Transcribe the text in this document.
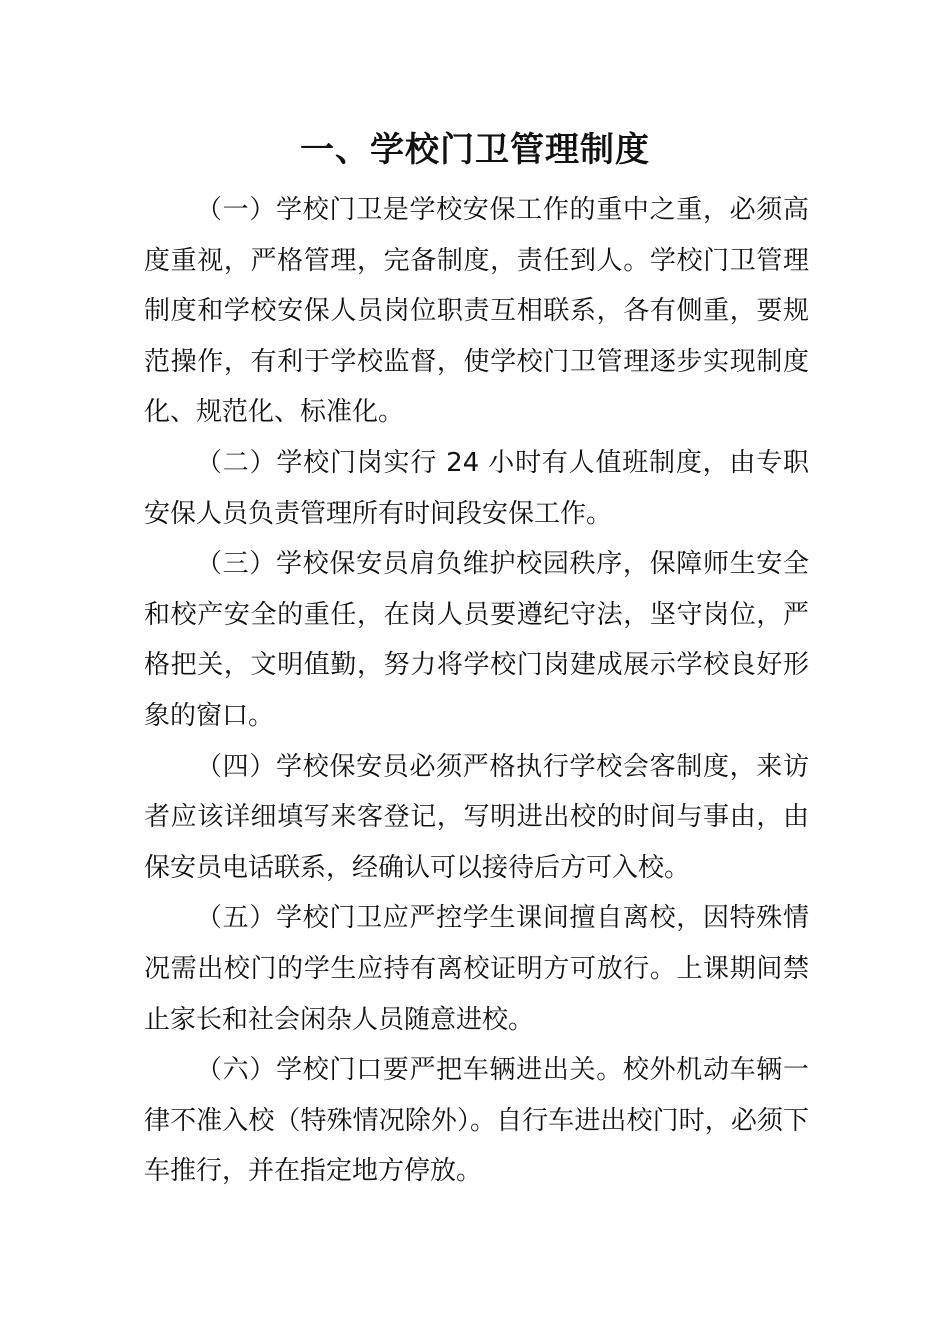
一、学校门卫管理制度

（一）学校门卫是学校安保工作的重中之重，必须高度重视，严格管理，完备制度，责任到人。学校门卫管理制度和学校安保人员岗位职责互相联系，各有侧重，要规范操作，有利于学校监督，使学校门卫管理逐步实现制度化、规范化、标准化。

（二）学校门岗实行 24 小时有人值班制度，由专职安保人员负责管理所有时间段安保工作。

（三）学校保安员肩负维护校园秩序，保障师生安全和校产安全的重任，在岗人员要遵纪守法，坚守岗位，严格把关，文明值勤，努力将学校门岗建成展示学校良好形象的窗口。

（四）学校保安员必须严格执行学校会客制度，来访者应该详细填写来客登记，写明进出校的时间与事由，由保安员电话联系，经确认可以接待后方可入校。

（五）学校门卫应严控学生课间擅自离校，因特殊情况需出校门的学生应持有离校证明方可放行。上课期间禁止家长和社会闲杂人员随意进校。

（六）学校门口要严把车辆进出关。校外机动车辆一律不准入校（特殊情况除外）。自行车进出校门时，必须下车推行，并在指定地方停放。
